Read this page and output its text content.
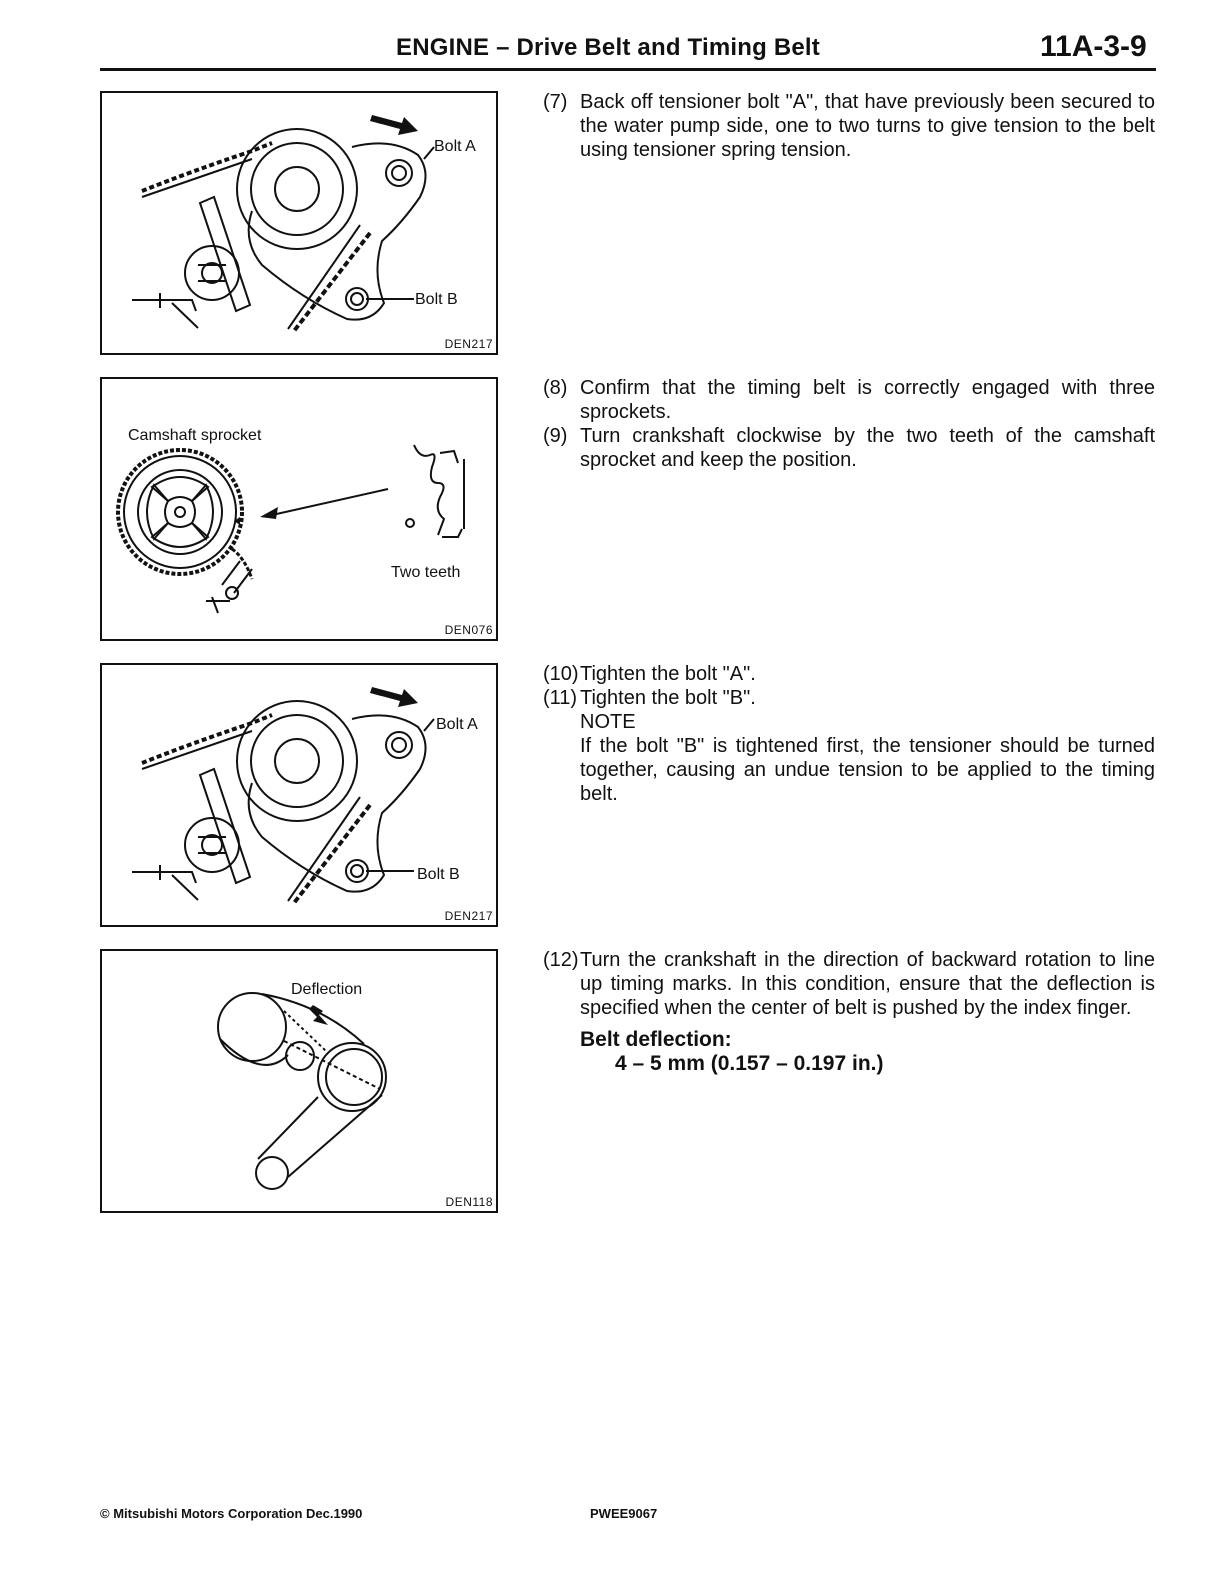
ENGINE – Drive Belt and Timing Belt	11A-3-9
Bolt A
Bolt B
DEN217
Camshaft sprocket
Two teeth
DEN076
Bolt A
Bolt B
DEN217
Deflection
DEN118
(7) Back off tensioner bolt "A", that have previously been secured to the water pump side, one to two turns to give tension to the belt using tensioner spring tension.
(8) Confirm that the timing belt is correctly engaged with three sprockets.
(9) Turn crankshaft clockwise by the two teeth of the camshaft sprocket and keep the position.
(10) Tighten the bolt "A".
(11) Tighten the bolt "B".
NOTE
If the bolt "B" is tightened first, the tensioner should be turned together, causing an undue tension to be applied to the timing belt.
(12) Turn the crankshaft in the direction of backward rotation to line up timing marks. In this condition, ensure that the deflection is specified when the center of belt is pushed by the index finger.
Belt deflection:
4 – 5 mm (0.157 – 0.197 in.)
© Mitsubishi Motors Corporation Dec.1990	PWEE9067
